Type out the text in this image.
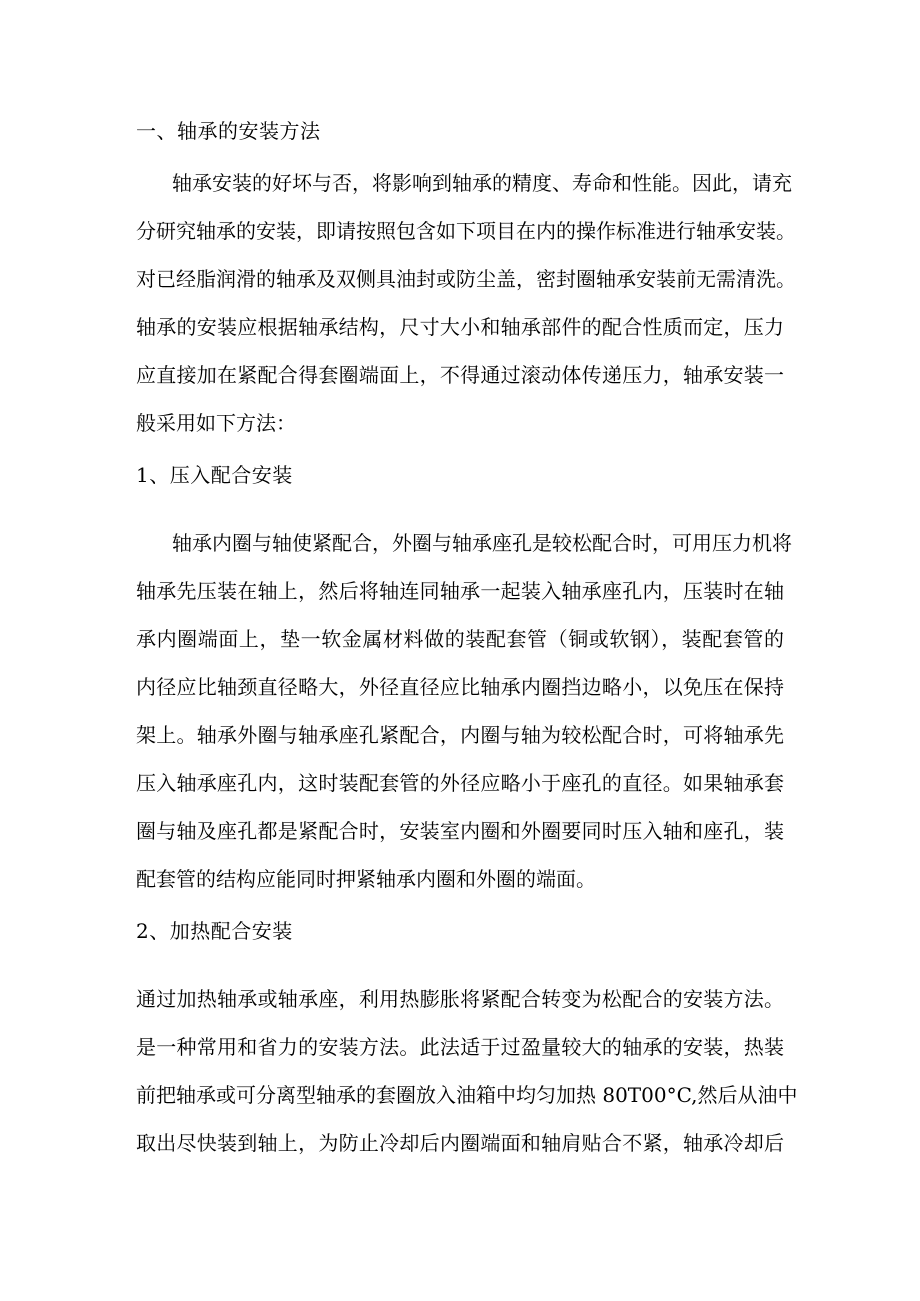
一、轴承的安装方法
轴承安装的好坏与否，将影响到轴承的精度、寿命和性能。因此，请充
分研究轴承的安装，即请按照包含如下项目在内的操作标准进行轴承安装。
对已经脂润滑的轴承及双侧具油封或防尘盖，密封圈轴承安装前无需清洗。
轴承的安装应根据轴承结构，尺寸大小和轴承部件的配合性质而定，压力
应直接加在紧配合得套圈端面上，不得通过滚动体传递压力，轴承安装一
般采用如下方法：
1、压入配合安装
轴承内圈与轴使紧配合，外圈与轴承座孔是较松配合时，可用压力机将
轴承先压装在轴上，然后将轴连同轴承一起装入轴承座孔内，压装时在轴
承内圈端面上，垫一软金属材料做的装配套管（铜或软钢），装配套管的
内径应比轴颈直径略大，外径直径应比轴承内圈挡边略小，以免压在保持
架上。轴承外圈与轴承座孔紧配合，内圈与轴为较松配合时，可将轴承先
压入轴承座孔内，这时装配套管的外径应略小于座孔的直径。如果轴承套
圈与轴及座孔都是紧配合时，安装室内圈和外圈要同时压入轴和座孔，装
配套管的结构应能同时押紧轴承内圈和外圈的端面。
2、加热配合安装
通过加热轴承或轴承座，利用热膨胀将紧配合转变为松配合的安装方法。
是一种常用和省力的安装方法。此法适于过盈量较大的轴承的安装，热装
前把轴承或可分离型轴承的套圈放入油箱中均匀加热 80T00°C,然后从油中
取出尽快装到轴上，为防止冷却后内圈端面和轴肩贴合不紧，轴承冷却后
